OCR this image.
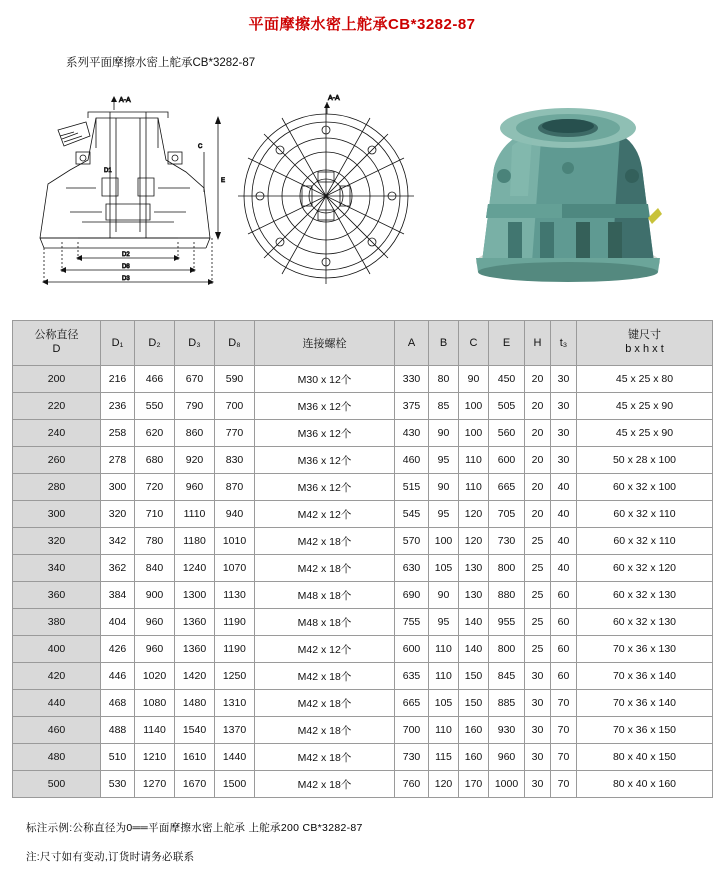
平面摩擦水密上舵承CB*3282-87
系列平面摩擦水密上舵承CB*3282-87
A-A
D1
E
C
D2
D8
D3
A-A
公称直径
D	D₁	D₂	D₃	D₈	连接螺栓	A	B	C	E	H	t₃	键尺寸
b x h x t

200	216	466	670	590	M30 x 12个	330	80	90	450	20	30	45 x 25 x 80
220	236	550	790	700	M36 x 12个	375	85	100	505	20	30	45 x 25 x 90
240	258	620	860	770	M36 x 12个	430	90	100	560	20	30	45 x 25 x 90
260	278	680	920	830	M36 x 12个	460	95	110	600	20	30	50 x 28 x 100
280	300	720	960	870	M36 x 12个	515	90	110	665	20	40	60 x 32 x 100
300	320	710	1110	940	M42 x 12个	545	95	120	705	20	40	60 x 32 x 110
320	342	780	1180	1010	M42 x 18个	570	100	120	730	25	40	60 x 32 x 110
340	362	840	1240	1070	M42 x 18个	630	105	130	800	25	40	60 x 32 x 120
360	384	900	1300	1130	M48 x 18个	690	90	130	880	25	60	60 x 32 x 130
380	404	960	1360	1190	M48 x 18个	755	95	140	955	25	60	60 x 32 x 130
400	426	960	1360	1190	M42 x 12个	600	110	140	800	25	60	70 x 36 x 130
420	446	1020	1420	1250	M42 x 18个	635	110	150	845	30	60	70 x 36 x 140
440	468	1080	1480	1310	M42 x 18个	665	105	150	885	30	70	70 x 36 x 140
460	488	1140	1540	1370	M42 x 18个	700	110	160	930	30	70	70 x 36 x 150
480	510	1210	1610	1440	M42 x 18个	730	115	160	960	30	70	80 x 40 x 150
500	530	1270	1670	1500	M42 x 18个	760	120	170	1000	30	70	80 x 40 x 160
标注示例:公称直径为0══平面摩擦水密上舵承 上舵承200 CB*3282-87
注:尺寸如有变动,订货时请务必联系
